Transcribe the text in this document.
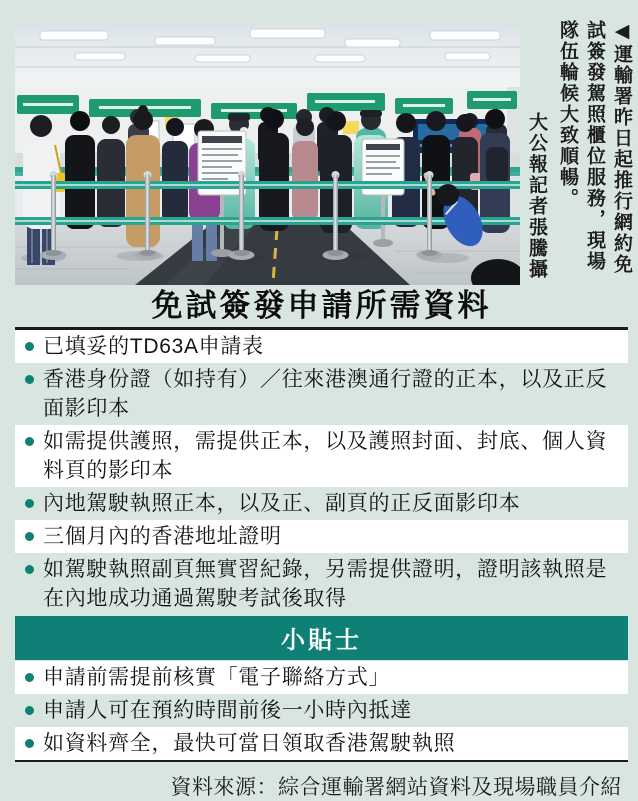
◀運輸署昨日起推行網約免試簽發駕照櫃位服務，現場隊伍輪候大致順暢。
大公報記者張騰攝
免試簽發申請所需資料
已填妥的TD63A申請表
香港身份證（如持有）／往來港澳通行證的正本，以及正反面影印本
如需提供護照，需提供正本，以及護照封面、封底、個人資料頁的影印本
內地駕駛執照正本，以及正、副頁的正反面影印本
三個月內的香港地址證明
如駕駛執照副頁無實習紀錄，另需提供證明，證明該執照是在內地成功通過駕駛考試後取得
小貼士
申請前需提前核實「電子聯絡方式」
申請人可在預約時間前後一小時內抵達
如資料齊全，最快可當日領取香港駕駛執照
資料來源：綜合運輸署網站資料及現場職員介紹
